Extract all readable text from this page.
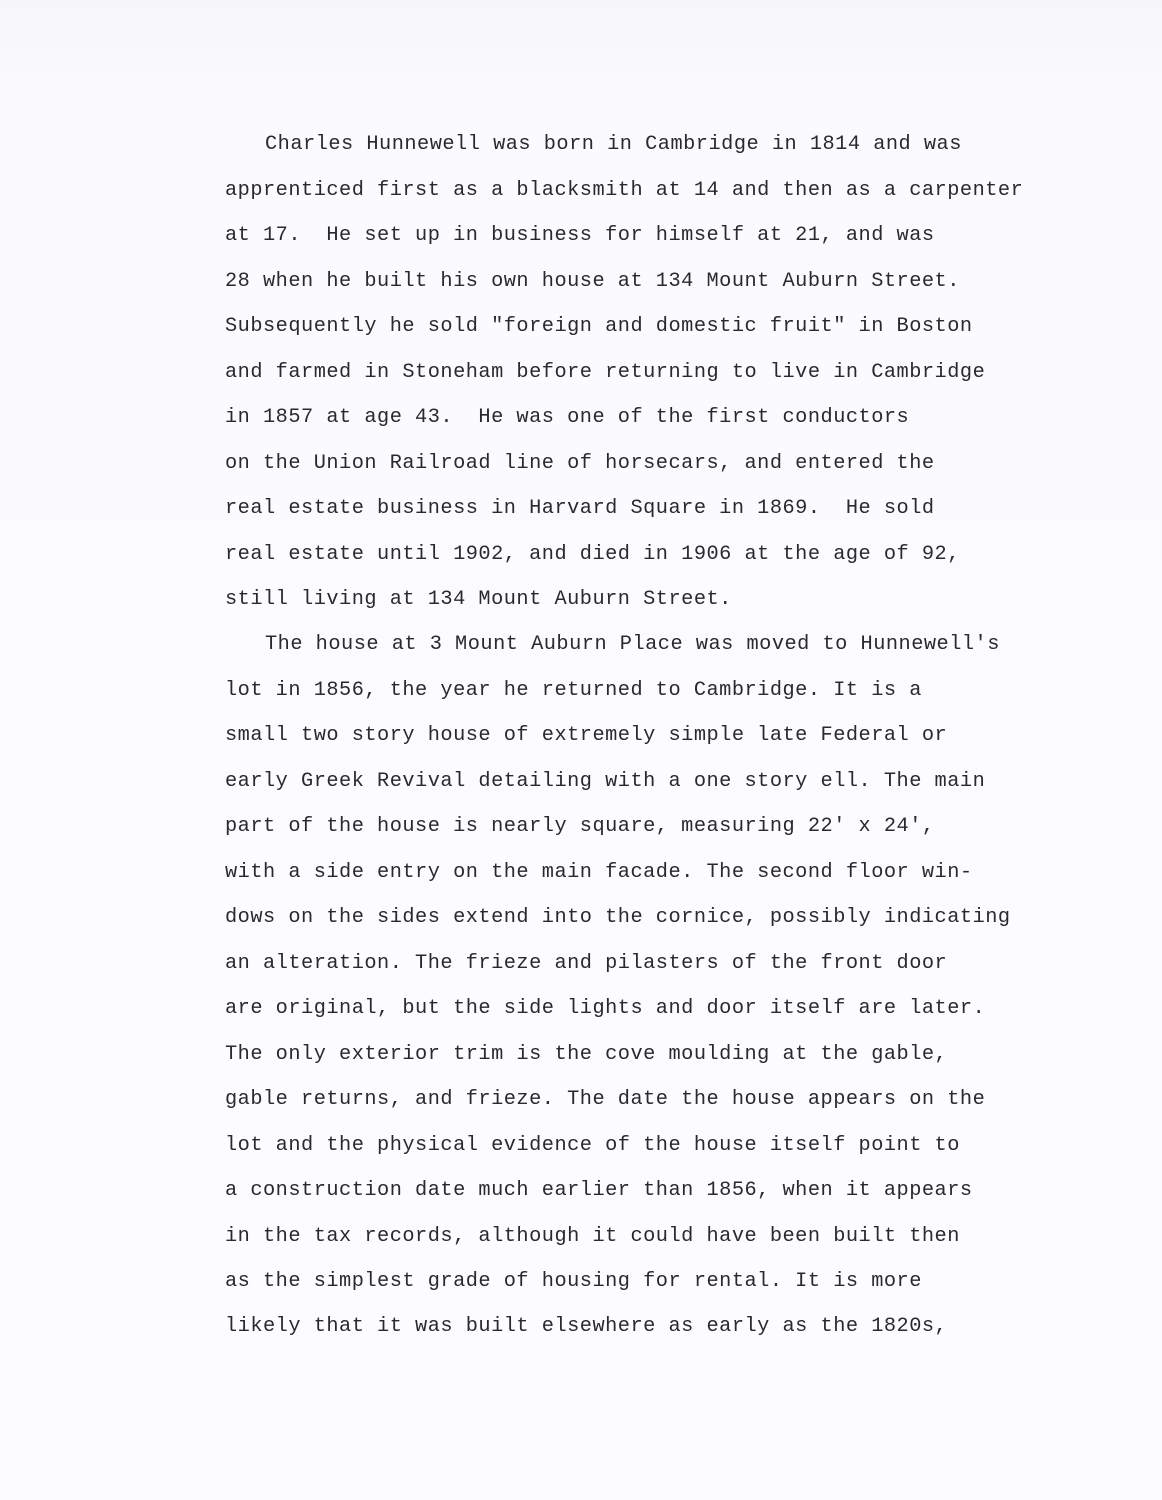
Charles Hunnewell was born in Cambridge in 1814 and was

apprenticed first as a blacksmith at 14 and then as a carpenter

at 17.  He set up in business for himself at 21, and was

28 when he built his own house at 134 Mount Auburn Street.

Subsequently he sold "foreign and domestic fruit" in Boston

and farmed in Stoneham before returning to live in Cambridge

in 1857 at age 43.  He was one of the first conductors

on the Union Railroad line of horsecars, and entered the

real estate business in Harvard Square in 1869.  He sold

real estate until 1902, and died in 1906 at the age of 92,

still living at 134 Mount Auburn Street.

The house at 3 Mount Auburn Place was moved to Hunnewell's

lot in 1856, the year he returned to Cambridge. It is a

small two story house of extremely simple late Federal or

early Greek Revival detailing with a one story ell. The main

part of the house is nearly square, measuring 22' x 24',

with a side entry on the main facade. The second floor win-

dows on the sides extend into the cornice, possibly indicating

an alteration. The frieze and pilasters of the front door

are original, but the side lights and door itself are later.

The only exterior trim is the cove moulding at the gable,

gable returns, and frieze. The date the house appears on the

lot and the physical evidence of the house itself point to

a construction date much earlier than 1856, when it appears

in the tax records, although it could have been built then

as the simplest grade of housing for rental. It is more

likely that it was built elsewhere as early as the 1820s,
